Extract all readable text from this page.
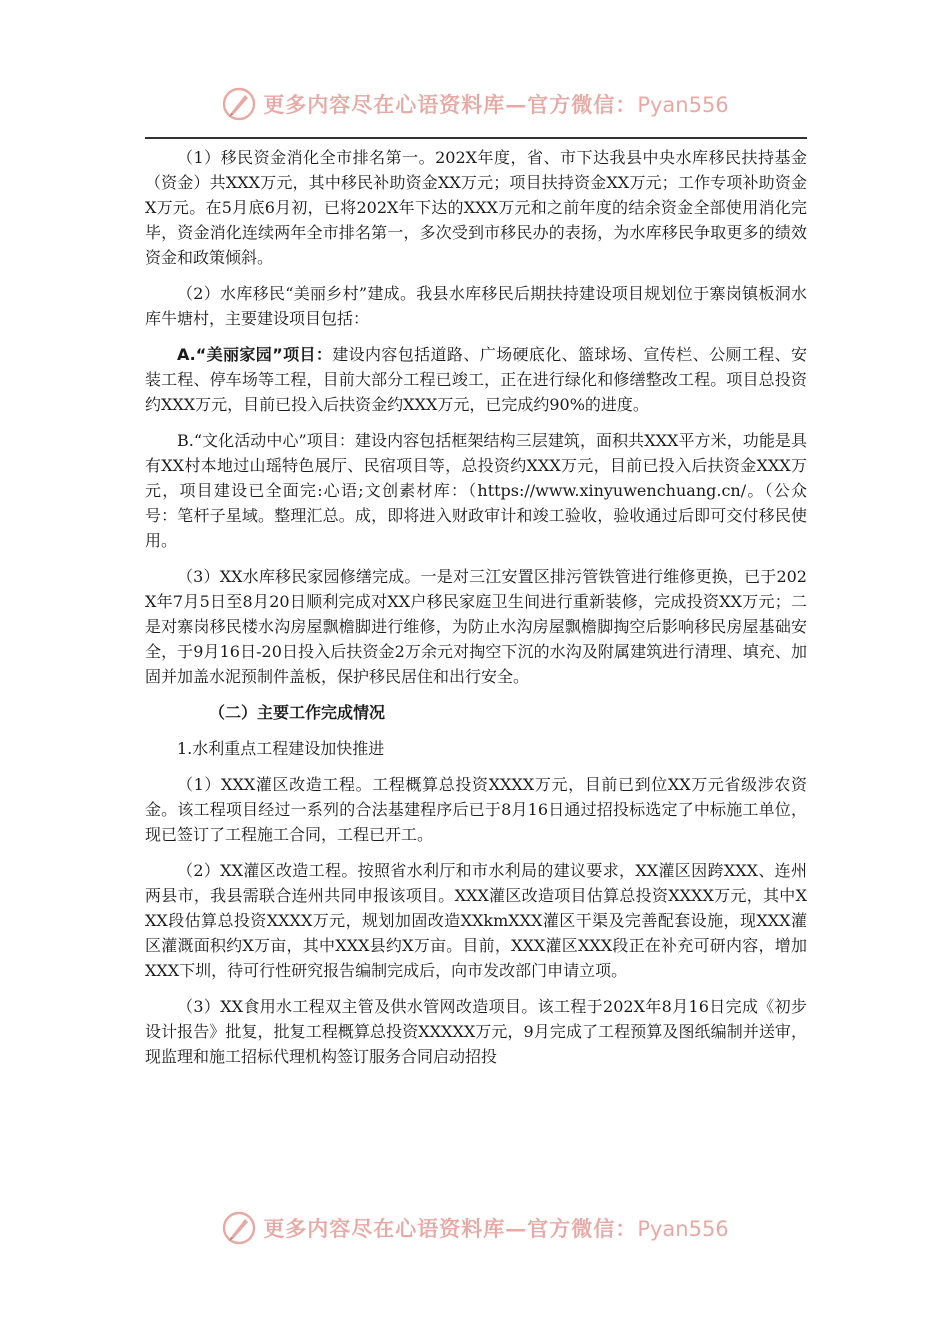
更多内容尽在心语资料库—官方微信：Pyan556

（1）移民资金消化全市排名第一。202X年度，省、市下达我县中央水库移民扶持基金（资金）共XXX万元，其中移民补助资金XX万元；项目扶持资金XX万元；工作专项补助资金X万元。在5月底6月初，已将202X年下达的XXX万元和之前年度的结余资金全部使用消化完毕，资金消化连续两年全市排名第一，多次受到市移民办的表扬，为水库移民争取更多的绩效资金和政策倾斜。

（2）水库移民“美丽乡村”建成。我县水库移民后期扶持建设项目规划位于寨岗镇板洞水库牛塘村，主要建设项目包括：

A.“美丽家园”项目：建设内容包括道路、广场硬底化、篮球场、宣传栏、公厕工程、安装工程、停车场等工程，目前大部分工程已竣工，正在进行绿化和修缮整改工程。项目总投资约XXX万元，目前已投入后扶资金约XXX万元，已完成约90%的进度。

B.“文化活动中心”项目：建设内容包括框架结构三层建筑，面积共XXX平方米，功能是具有XX村本地过山瑶特色展厅、民宿项目等，总投资约XXX万元，目前已投入后扶资金XXX万元，项目建设已全面完:心语;文创素材库：（https://www.xinyuwenchuang.cn/。（公众号：笔杆子星域。整理汇总。成，即将进入财政审计和竣工验收，验收通过后即可交付移民使用。

（3）XX水库移民家园修缮完成。一是对三江安置区排污管铁管进行维修更换，已于202X年7月5日至8月20日顺利完成对XX户移民家庭卫生间进行重新装修，完成投资XX万元；二是对寨岗移民楼水沟房屋飘檐脚进行维修，为防止水沟房屋飘檐脚掏空后影响移民房屋基础安全，于9月16日-20日投入后扶资金2万余元对掏空下沉的水沟及附属建筑进行清理、填充、加固并加盖水泥预制件盖板，保护移民居住和出行安全。

（二）主要工作完成情况

1.水利重点工程建设加快推进

（1）XXX灌区改造工程。工程概算总投资XXXX万元，目前已到位XX万元省级涉农资金。该工程项目经过一系列的合法基建程序后已于8月16日通过招投标选定了中标施工单位，现已签订了工程施工合同，工程已开工。

（2）XX灌区改造工程。按照省水利厅和市水利局的建议要求，XX灌区因跨XXX、连州两县市，我县需联合连州共同申报该项目。XXX灌区改造项目估算总投资XXXX万元，其中XXX段估算总投资XXXX万元，规划加固改造XXkmXXX灌区干渠及完善配套设施，现XXX灌区灌溉面积约X万亩，其中XXX县约X万亩。目前，XXX灌区XXX段正在补充可研内容，增加XXX下圳，待可行性研究报告编制完成后，向市发改部门申请立项。

（3）XX食用水工程双主管及供水管网改造项目。该工程于202X年8月16日完成《初步设计报告》批复，批复工程概算总投资XXXXX万元，9月完成了工程预算及图纸编制并送审，现监理和施工招标代理机构签订服务合同启动招投

更多内容尽在心语资料库—官方微信：Pyan556
